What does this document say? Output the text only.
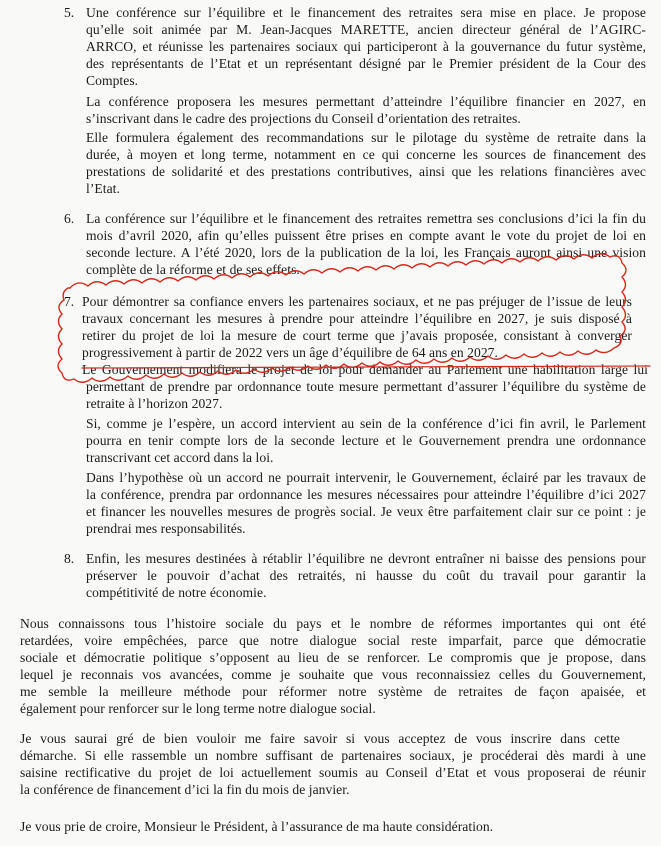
5. Une conférence sur l’équilibre et le financement des retraites sera mise en place. Je propose
qu’elle soit animée par M. Jean-Jacques MARETTE, ancien directeur général de l’AGIRC-
ARRCO, et réunisse les partenaires sociaux qui participeront à la gouvernance du futur système,
des représentants de l’Etat et un représentant désigné par le Premier président de la Cour des
Comptes.
La conférence proposera les mesures permettant d’atteindre l’équilibre financier en 2027, en
s’inscrivant dans le cadre des projections du Conseil d’orientation des retraites.
Elle formulera également des recommandations sur le pilotage du système de retraite dans la
durée, à moyen et long terme, notamment en ce qui concerne les sources de financement des
prestations de solidarité et des prestations contributives, ainsi que les relations financières avec
l’Etat.
6. La conférence sur l’équilibre et le financement des retraites remettra ses conclusions d’ici la fin du
mois d’avril 2020, afin qu’elles puissent être prises en compte avant le vote du projet de loi en
seconde lecture. A l’été 2020, lors de la publication de la loi, les Français auront ainsi une vision
complète de la réforme et de ses effets.
7. Pour démontrer sa confiance envers les partenaires sociaux, et ne pas préjuger de l’issue de leurs
travaux concernant les mesures à prendre pour atteindre l’équilibre en 2027, je suis disposé à
retirer du projet de loi la mesure de court terme que j’avais proposée, consistant à converger
progressivement à partir de 2022 vers un âge d’équilibre de 64 ans en 2027.
Le Gouvernement modifiera le projet de loi pour demander au Parlement une habilitation large lui
permettant de prendre par ordonnance toute mesure permettant d’assurer l’équilibre du système de
retraite à l’horizon 2027.
Si, comme je l’espère, un accord intervient au sein de la conférence d’ici fin avril, le Parlement
pourra en tenir compte lors de la seconde lecture et le Gouvernement prendra une ordonnance
transcrivant cet accord dans la loi.
Dans l’hypothèse où un accord ne pourrait intervenir, le Gouvernement, éclairé par les travaux de
la conférence, prendra par ordonnance les mesures nécessaires pour atteindre l’équilibre d’ici 2027
et financer les nouvelles mesures de progrès social. Je veux être parfaitement clair sur ce point : je
prendrai mes responsabilités.
8. Enfin, les mesures destinées à rétablir l’équilibre ne devront entraîner ni baisse des pensions pour
préserver le pouvoir d’achat des retraités, ni hausse du coût du travail pour garantir la
compétitivité de notre économie.
Nous connaissons tous l’histoire sociale du pays et le nombre de réformes importantes qui ont été
retardées, voire empêchées, parce que notre dialogue social reste imparfait, parce que démocratie
sociale et démocratie politique s’opposent au lieu de se renforcer. Le compromis que je propose, dans
lequel je reconnais vos avancées, comme je souhaite que vous reconnaissiez celles du Gouvernement,
me semble la meilleure méthode pour réformer notre système de retraites de façon apaisée, et
également pour renforcer sur le long terme notre dialogue social.
Je vous saurai gré de bien vouloir me faire savoir si vous acceptez de vous inscrire dans cette
démarche. Si elle rassemble un nombre suffisant de partenaires sociaux, je procéderai dès mardi à une
saisine rectificative du projet de loi actuellement soumis au Conseil d’Etat et vous proposerai de réunir
la conférence de financement d’ici la fin du mois de janvier.
Je vous prie de croire, Monsieur le Président, à l’assurance de ma haute considération.
